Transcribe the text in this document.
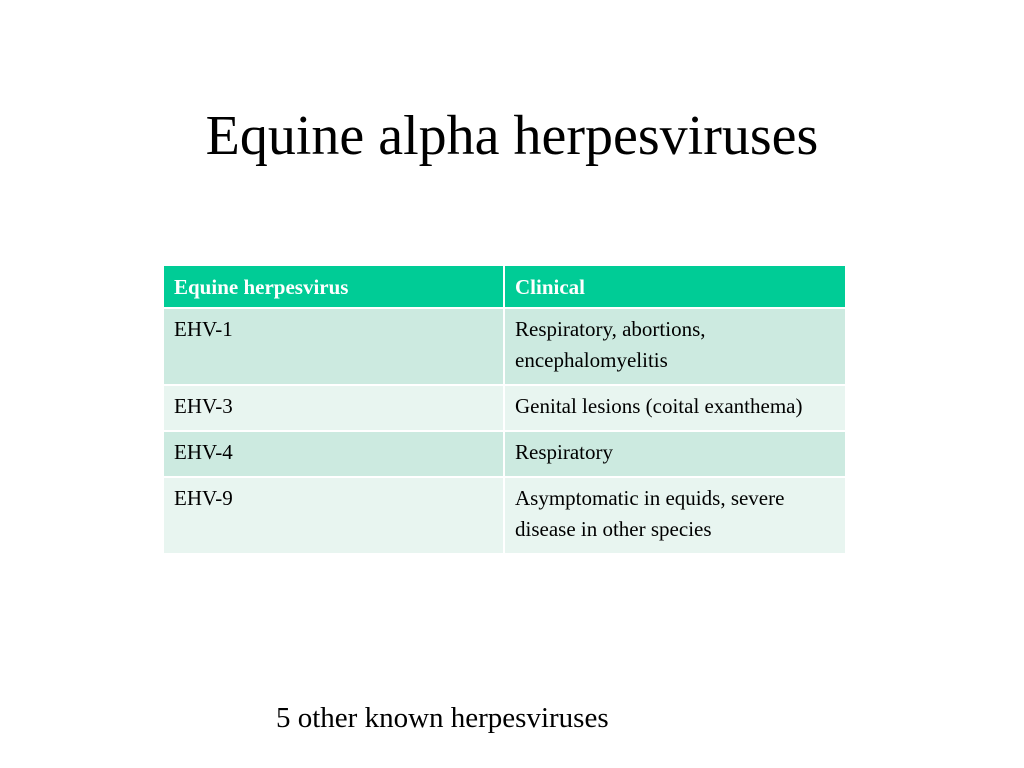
Equine alpha herpesviruses
Equine herpesvirus	Clinical
EHV-1	Respiratory, abortions, encephalomyelitis
EHV-3	Genital lesions (coital exanthema)
EHV-4	Respiratory
EHV-9	Asymptomatic in equids, severe disease in other species

5 other known herpesviruses
